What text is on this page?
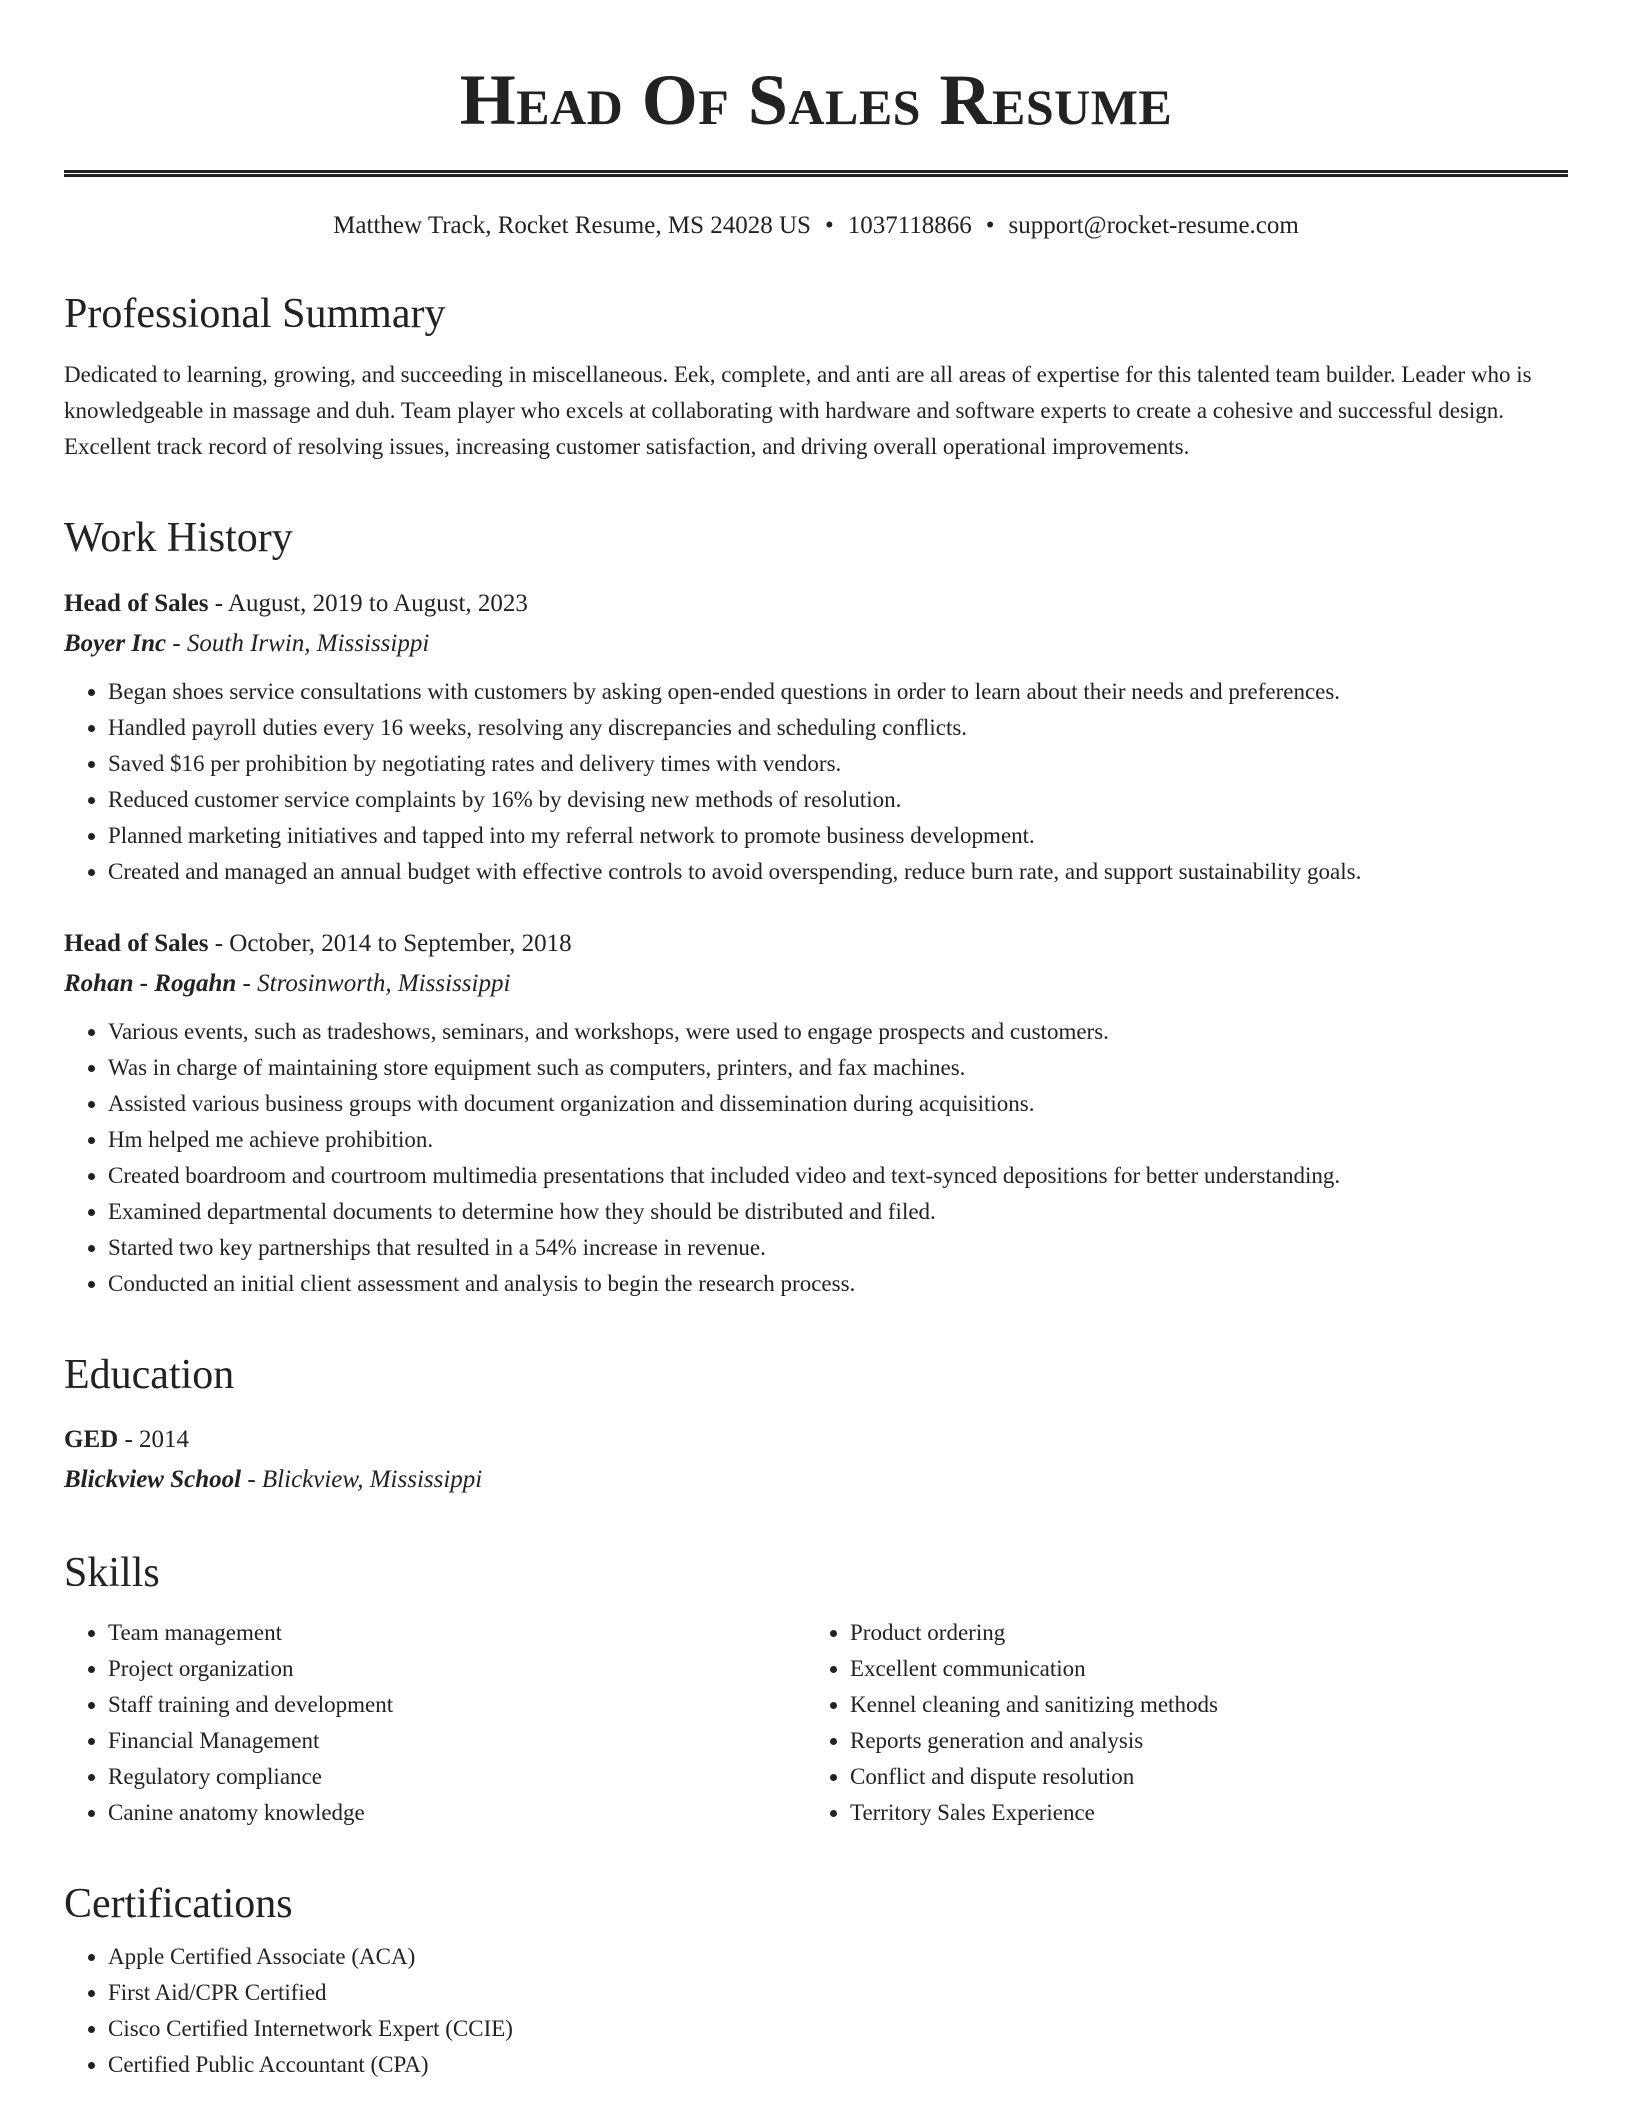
Head Of Sales Resume
Matthew Track, Rocket Resume, MS 24028 US • 1037118866 • support@rocket-resume.com
Professional Summary

Dedicated to learning, growing, and succeeding in miscellaneous. Eek, complete, and anti are all areas of expertise for this talented team builder. Leader who is knowledgeable in massage and duh. Team player who excels at collaborating with hardware and software experts to create a cohesive and successful design. Excellent track record of resolving issues, increasing customer satisfaction, and driving overall operational improvements.

Work History
Head of Sales - August, 2019 to August, 2023
Boyer Inc - South Irwin, Mississippi
• Began shoes service consultations with customers by asking open-ended questions in order to learn about their needs and preferences.
• Handled payroll duties every 16 weeks, resolving any discrepancies and scheduling conflicts.
• Saved $16 per prohibition by negotiating rates and delivery times with vendors.
• Reduced customer service complaints by 16% by devising new methods of resolution.
• Planned marketing initiatives and tapped into my referral network to promote business development.
• Created and managed an annual budget with effective controls to avoid overspending, reduce burn rate, and support sustainability goals.
Head of Sales - October, 2014 to September, 2018
Rohan - Rogahn - Strosinworth, Mississippi
• Various events, such as tradeshows, seminars, and workshops, were used to engage prospects and customers.
• Was in charge of maintaining store equipment such as computers, printers, and fax machines.
• Assisted various business groups with document organization and dissemination during acquisitions.
• Hm helped me achieve prohibition.
• Created boardroom and courtroom multimedia presentations that included video and text-synced depositions for better understanding.
• Examined departmental documents to determine how they should be distributed and filed.
• Started two key partnerships that resulted in a 54% increase in revenue.
• Conducted an initial client assessment and analysis to begin the research process.
Education
GED - 2014
Blickview School - Blickview, Mississippi
Skills
• Team management
• Project organization
• Staff training and development
• Financial Management
• Regulatory compliance
• Canine anatomy knowledge
• Product ordering
• Excellent communication
• Kennel cleaning and sanitizing methods
• Reports generation and analysis
• Conflict and dispute resolution
• Territory Sales Experience
Certifications
• Apple Certified Associate (ACA)
• First Aid/CPR Certified
• Cisco Certified Internetwork Expert (CCIE)
• Certified Public Accountant (CPA)
